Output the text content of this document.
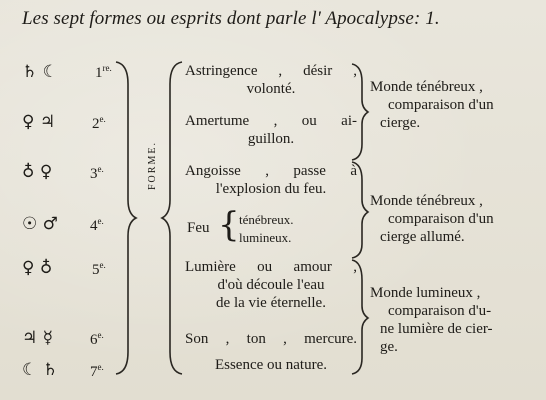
Les sept formes ou esprits dont parle l' Apocalypse: 1.
♄ ☾ $1^{re.}$
♀ ♃ $2^{e.}$
♁ ♀	$3^{e.}$
☉ ♂ $4^{e.}$
♀ ♁	$5^{e.}$
♃ ☿ $6^{e.}$
☾ ♄ $7^{e.}$
FORME.
Astringence , désir ,
volonté.
Amertume , ou ai-
guillon.
Angoisse , passe à
l'explosion du feu.
Feu { ténébreux.
lumineux.
Lumière ou amour ,
d'où découle l'eau
de la vie éternelle.
Son , ton , mercure.
Essence ou nature.
Monde ténébreux ,
comparaison d'un
cierge.
Monde ténébreux ,
comparaison d'un
cierge allumé.
Monde lumineux ,
comparaison d'u-
ne lumière de cier-
ge.
